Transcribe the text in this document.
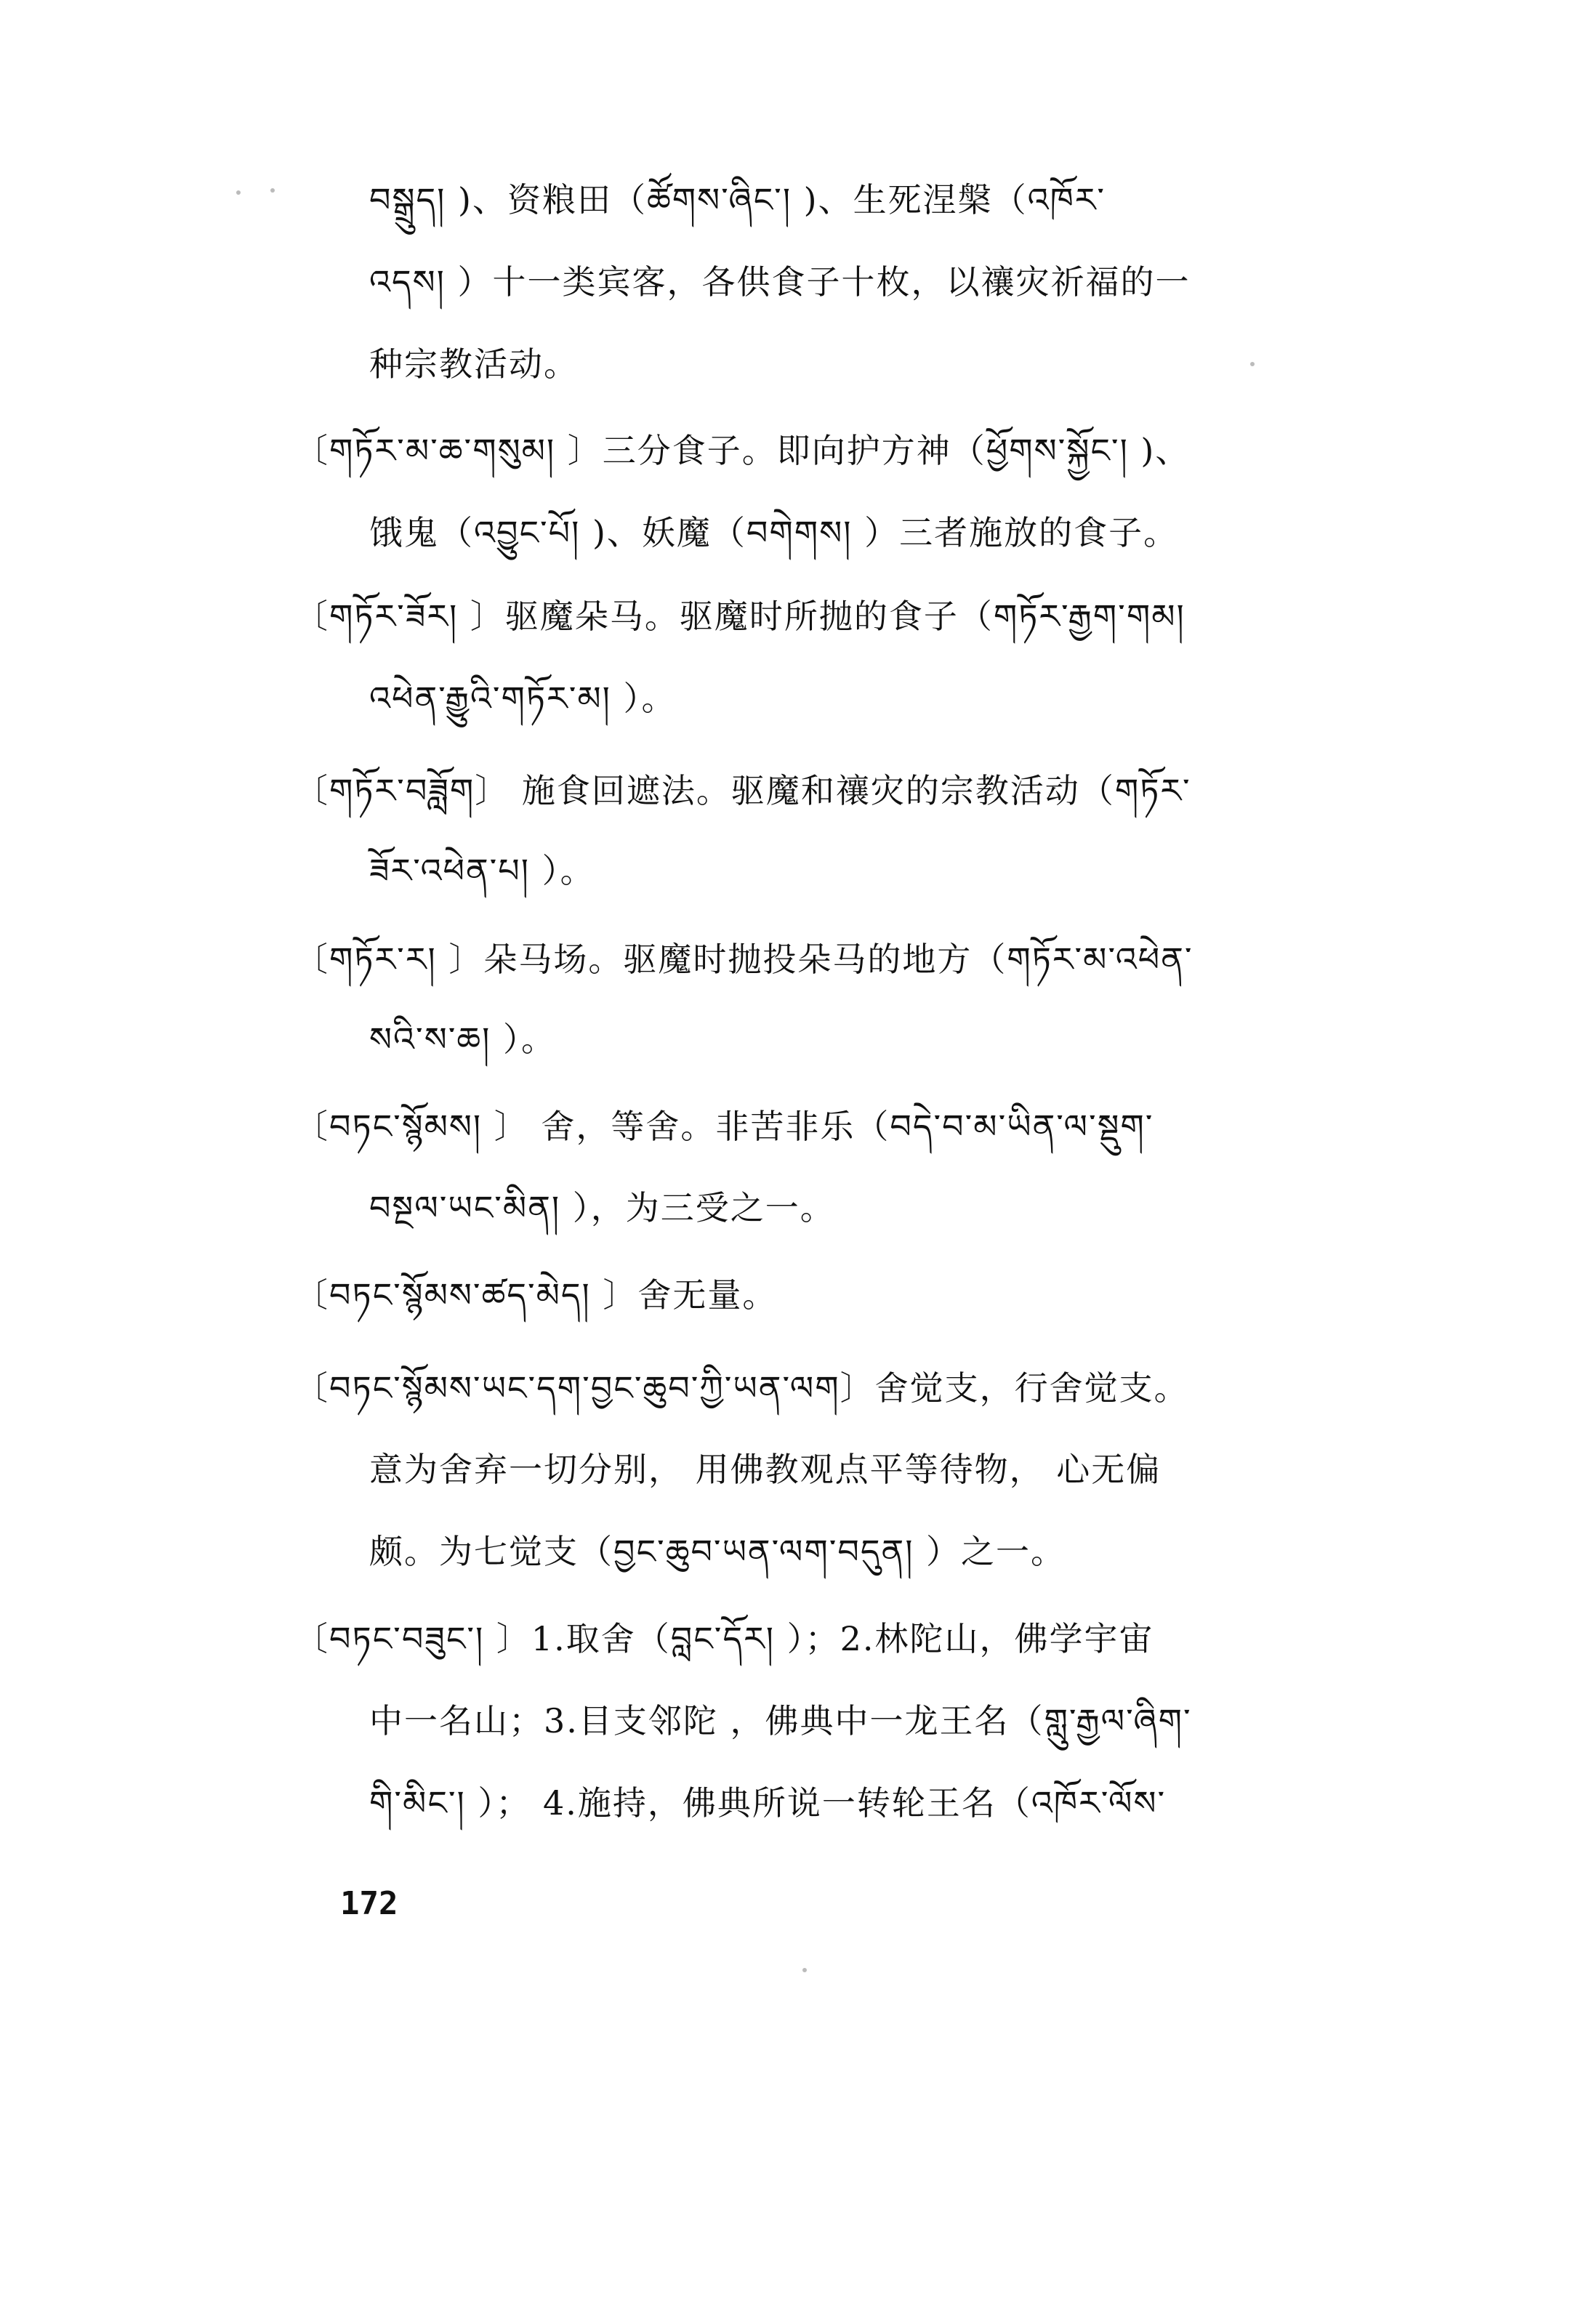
བསྒྲུད། )、资粮田（ཚོགས་ཞིང་། )、生死涅槃（འཁོར་
འདས། ）十一类宾客，各供食子十枚，以禳灾祈福的一
种宗教活动。
〔གཏོར་མ་ཆ་གསུམ། 〕三分食子。即向护方神（ཕྱོགས་སྐྱོང་། )、
饿鬼（འབྱུང་པོ། )、妖魔（བགེགས། ）三者施放的食子。
〔གཏོར་ཟོར། 〕驱魔朵马。驱魔时所抛的食子（གཏོར་རྒྱག་གམ།
འཕེན་རྒྱུའི་གཏོར་མ། ）。
〔གཏོར་བཟློག〕 施食回遮法。驱魔和禳灾的宗教活动（གཏོར་
ཟོར་འཕེན་པ། ）。
〔གཏོར་ར། 〕朵马场。驱魔时抛投朵马的地方（གཏོར་མ་འཕེན་
སའི་ས་ཆ། ）。
〔བཏང་སྙོམས། 〕 舍，等舍。非苦非乐（བདེ་བ་མ་ཡིན་ལ་སྡུག་
བསྔལ་ཡང་མིན། ），为三受之一。
〔བཏང་སྙོམས་ཚད་མེད། 〕舍无量。
〔བཏང་སྙོམས་ཡང་དག་བྱང་ཆུབ་ཀྱི་ཡན་ལག〕舍觉支，行舍觉支。
意为舍弃一切分别， 用佛教观点平等待物， 心无偏
颇。为七觉支（བྱང་ཆུབ་ཡན་ལག་བདུན། ）之一。
〔བཏང་བཟུང་། 〕1.取舍（བླང་དོར། ）；2.林陀山，佛学宇宙
中一名山；3.目支邻陀 ，佛典中一龙王名（གླུ་རྒྱལ་ཞིག་
གི་མིང་། ）； 4.施持，佛典所说一转轮王名（འཁོར་ལོས་
172
